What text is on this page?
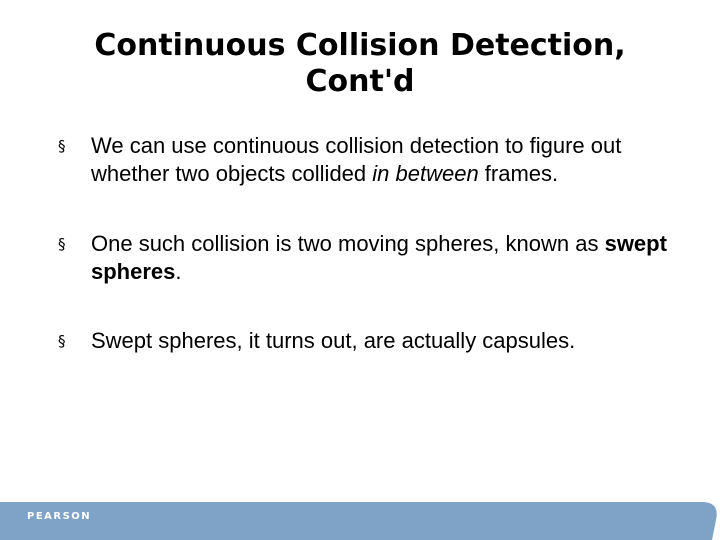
Continuous Collision Detection,
Cont'd
§ We can use continuous collision detection to figure out whether two objects collided in between frames.
§ One such collision is two moving spheres, known as swept spheres.
§ Swept spheres, it turns out, are actually capsules.
PEARSON
